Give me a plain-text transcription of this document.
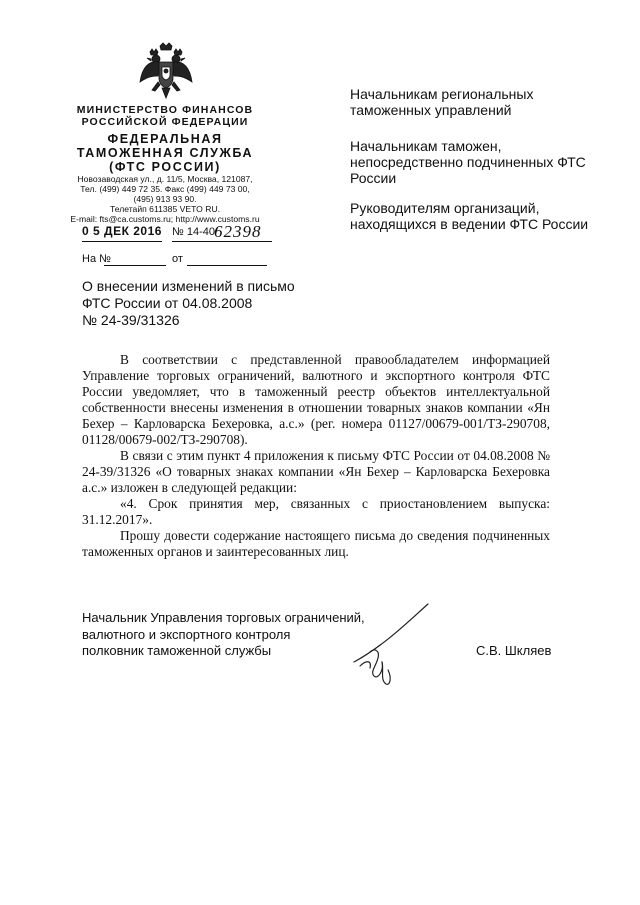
МИНИСТЕРСТВО ФИНАНСОВ
РОССИЙСКОЙ ФЕДЕРАЦИИ
ФЕДЕРАЛЬНАЯ
ТАМОЖЕННАЯ СЛУЖБА
(ФТС РОССИИ)
Новозаводская ул., д. 11/5, Москва, 121087,
Тел. (499) 449 72 35. Факс (499) 449 73 00,
(495) 913 93 90.
Телетайп 611385 VETO RU.
E-mail: fts@ca.customs.ru; http://www.customs.ru
0 5 ДЕК 2016 № 14-40/
62398
На №	от
Начальникам региональных таможенных управлений
Начальникам таможен, непосредственно подчиненных ФТС России
Руководителям организаций, находящихся в ведении ФТС России
О внесении изменений в письмо
ФТС России от 04.08.2008
№ 24-39/31326
В соответствии с представленной правообладателем информацией Управление торговых ограничений, валютного и экспортного контроля ФТС России уведомляет, что в таможенный реестр объектов интеллектуальной собственности внесены изменения в отношении товарных знаков компании «Ян Бехер – Карловарска Бехеровка, а.с.» (рег. номера 01127/00679-001/ТЗ-290708, 01128/00679-002/ТЗ-290708).
В связи с этим пункт 4 приложения к письму ФТС России от 04.08.2008 № 24-39/31326 «О товарных знаках компании «Ян Бехер – Карловарска Бехеровка а.с.» изложен в следующей редакции:
«4. Срок принятия мер, связанных с приостановлением выпуска: 31.12.2017».
Прошу довести содержание настоящего письма до сведения подчиненных таможенных органов и заинтересованных лиц.
Начальник Управления торговых ограничений,
валютного и экспортного контроля
полковник таможенной службы	С.В. Шкляев
